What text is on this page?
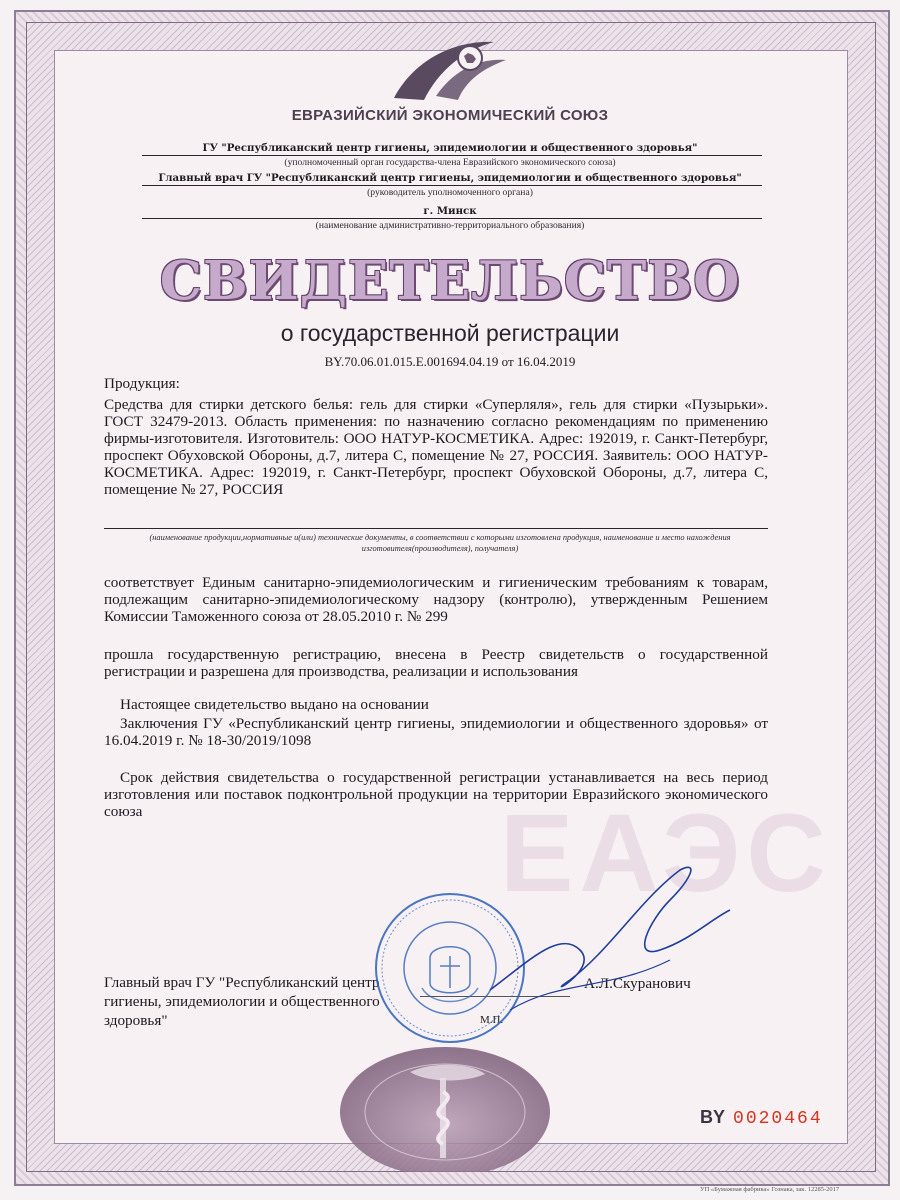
ЕАЭС
ЕВРАЗИЙСКИЙ ЭКОНОМИЧЕСКИЙ СОЮЗ
ГУ "Республиканский центр гигиены, эпидемиологии и общественного здоровья"
(уполномоченный орган государства-члена Евразийского экономического союза)
Главный врач ГУ "Республиканский центр гигиены, эпидемиологии и общественного здоровья"
(руководитель уполномоченного органа)
г. Минск
(наименование административно-территориального образования)
СВИДЕТЕЛЬСТВО
о государственной регистрации
BY.70.06.01.015.E.001694.04.19 от 16.04.2019
Продукция:
Средства для стирки детского белья: гель для стирки «Суперляля», гель для стирки «Пузырьки». ГОСТ 32479-2013. Область применения: по назначению согласно рекомендациям по применению фирмы-изготовителя. Изготовитель: ООО НАТУР-КОСМЕТИКА. Адрес: 192019, г. Санкт-Петербург, проспект Обуховской Обороны, д.7, литера С, помещение № 27, РОССИЯ. Заявитель: ООО НАТУР-КОСМЕТИКА. Адрес: 192019, г. Санкт-Петербург, проспект Обуховской Обороны, д.7, литера С, помещение № 27, РОССИЯ
(наименование продукции,нормативные и(или) технические документы, в соответствии с которыми изготовлена продукция, наименование и место нахождения изготовителя(производителя), получателя)
соответствует Единым санитарно-эпидемиологическим и гигиеническим требованиям к товарам, подлежащим санитарно-эпидемиологическому надзору (контролю), утвержденным Решением Комиссии Таможенного союза от 28.05.2010 г. № 299
прошла государственную регистрацию, внесена в Реестр свидетельств о государственной регистрации и разрешена для производства, реализации и использования
Настоящее свидетельство выдано на основании
Заключения ГУ «Республиканский центр гигиены, эпидемиологии и общественного здоровья» от 16.04.2019 г. № 18-30/2019/1098
Срок действия свидетельства о государственной регистрации устанавливается на весь период изготовления или поставок подконтрольной продукции на территории Евразийского экономического союза
Главный врач ГУ "Республиканский центр
гигиены, эпидемиологии и общественного
здоровья"
А.Л.Скуранович
М.П.
BY 0020464
УП «Бумажная фабрика» Гознака, зак. 12285-2017
